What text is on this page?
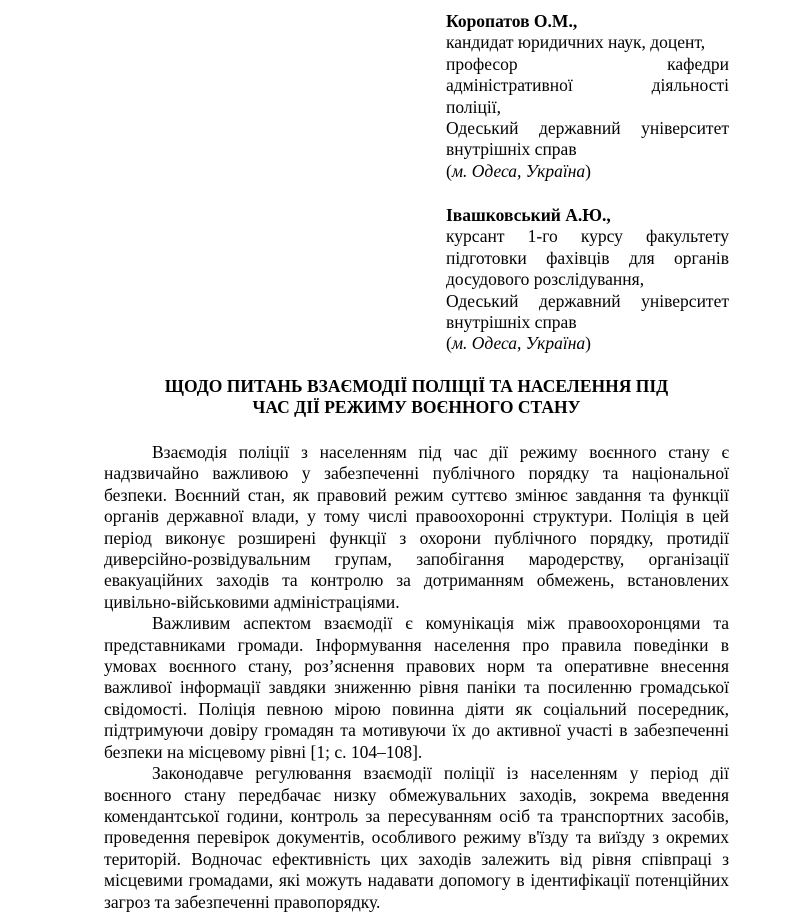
Коропатов О.М.,

кандидат юридичних наук, доцент,

професор кафедри

адміністративної діяльності

поліції,

Одеський державний університет

внутрішніх справ

(м. Одеса, Україна)

Івашковський А.Ю.,

курсант 1-го курсу факультету

підготовки фахівців для органів

досудового розслідування,

Одеський державний університет

внутрішніх справ

(м. Одеса, Україна)

ЩОДО ПИТАНЬ ВЗАЄМОДІЇ ПОЛІЦІЇ ТА НАСЕЛЕННЯ ПІД
ЧАС ДІЇ РЕЖИМУ ВОЄННОГО СТАНУ

Взаємодія поліції з населенням під час дії режиму воєнного стану є надзвичайно важливою у забезпеченні публічного порядку та національної безпеки. Воєнний стан, як правовий режим суттєво змінює завдання та функції органів державної влади, у тому числі правоохоронні структури. Поліція в цей період виконує розширені функції з охорони публічного порядку, протидії диверсійно-розвідувальним групам, запобігання мародерству, організації евакуаційних заходів та контролю за дотриманням обмежень, встановлених цивільно-військовими адміністраціями.

Важливим аспектом взаємодії є комунікація між правоохоронцями та представниками громади. Інформування населення про правила поведінки в умовах воєнного стану, роз’яснення правових норм та оперативне внесення важливої інформації завдяки зниженню рівня паніки та посиленню громадської свідомості. Поліція певною мірою повинна діяти як соціальний посередник, підтримуючи довіру громадян та мотивуючи їх до активної участі в забезпеченні безпеки на місцевому рівні [1; с. 104–108].

Законодавче регулювання взаємодії поліції із населенням у період дії воєнного стану передбачає низку обмежувальних заходів, зокрема введення комендантської години, контроль за пересуванням осіб та транспортних засобів, проведення перевірок документів, особливого режиму в'їзду та виїзду з окремих територій. Водночас ефективність цих заходів залежить від рівня співпраці з місцевими громадами, які можуть надавати допомогу в ідентифікації потенційних загроз та забезпеченні правопорядку.
